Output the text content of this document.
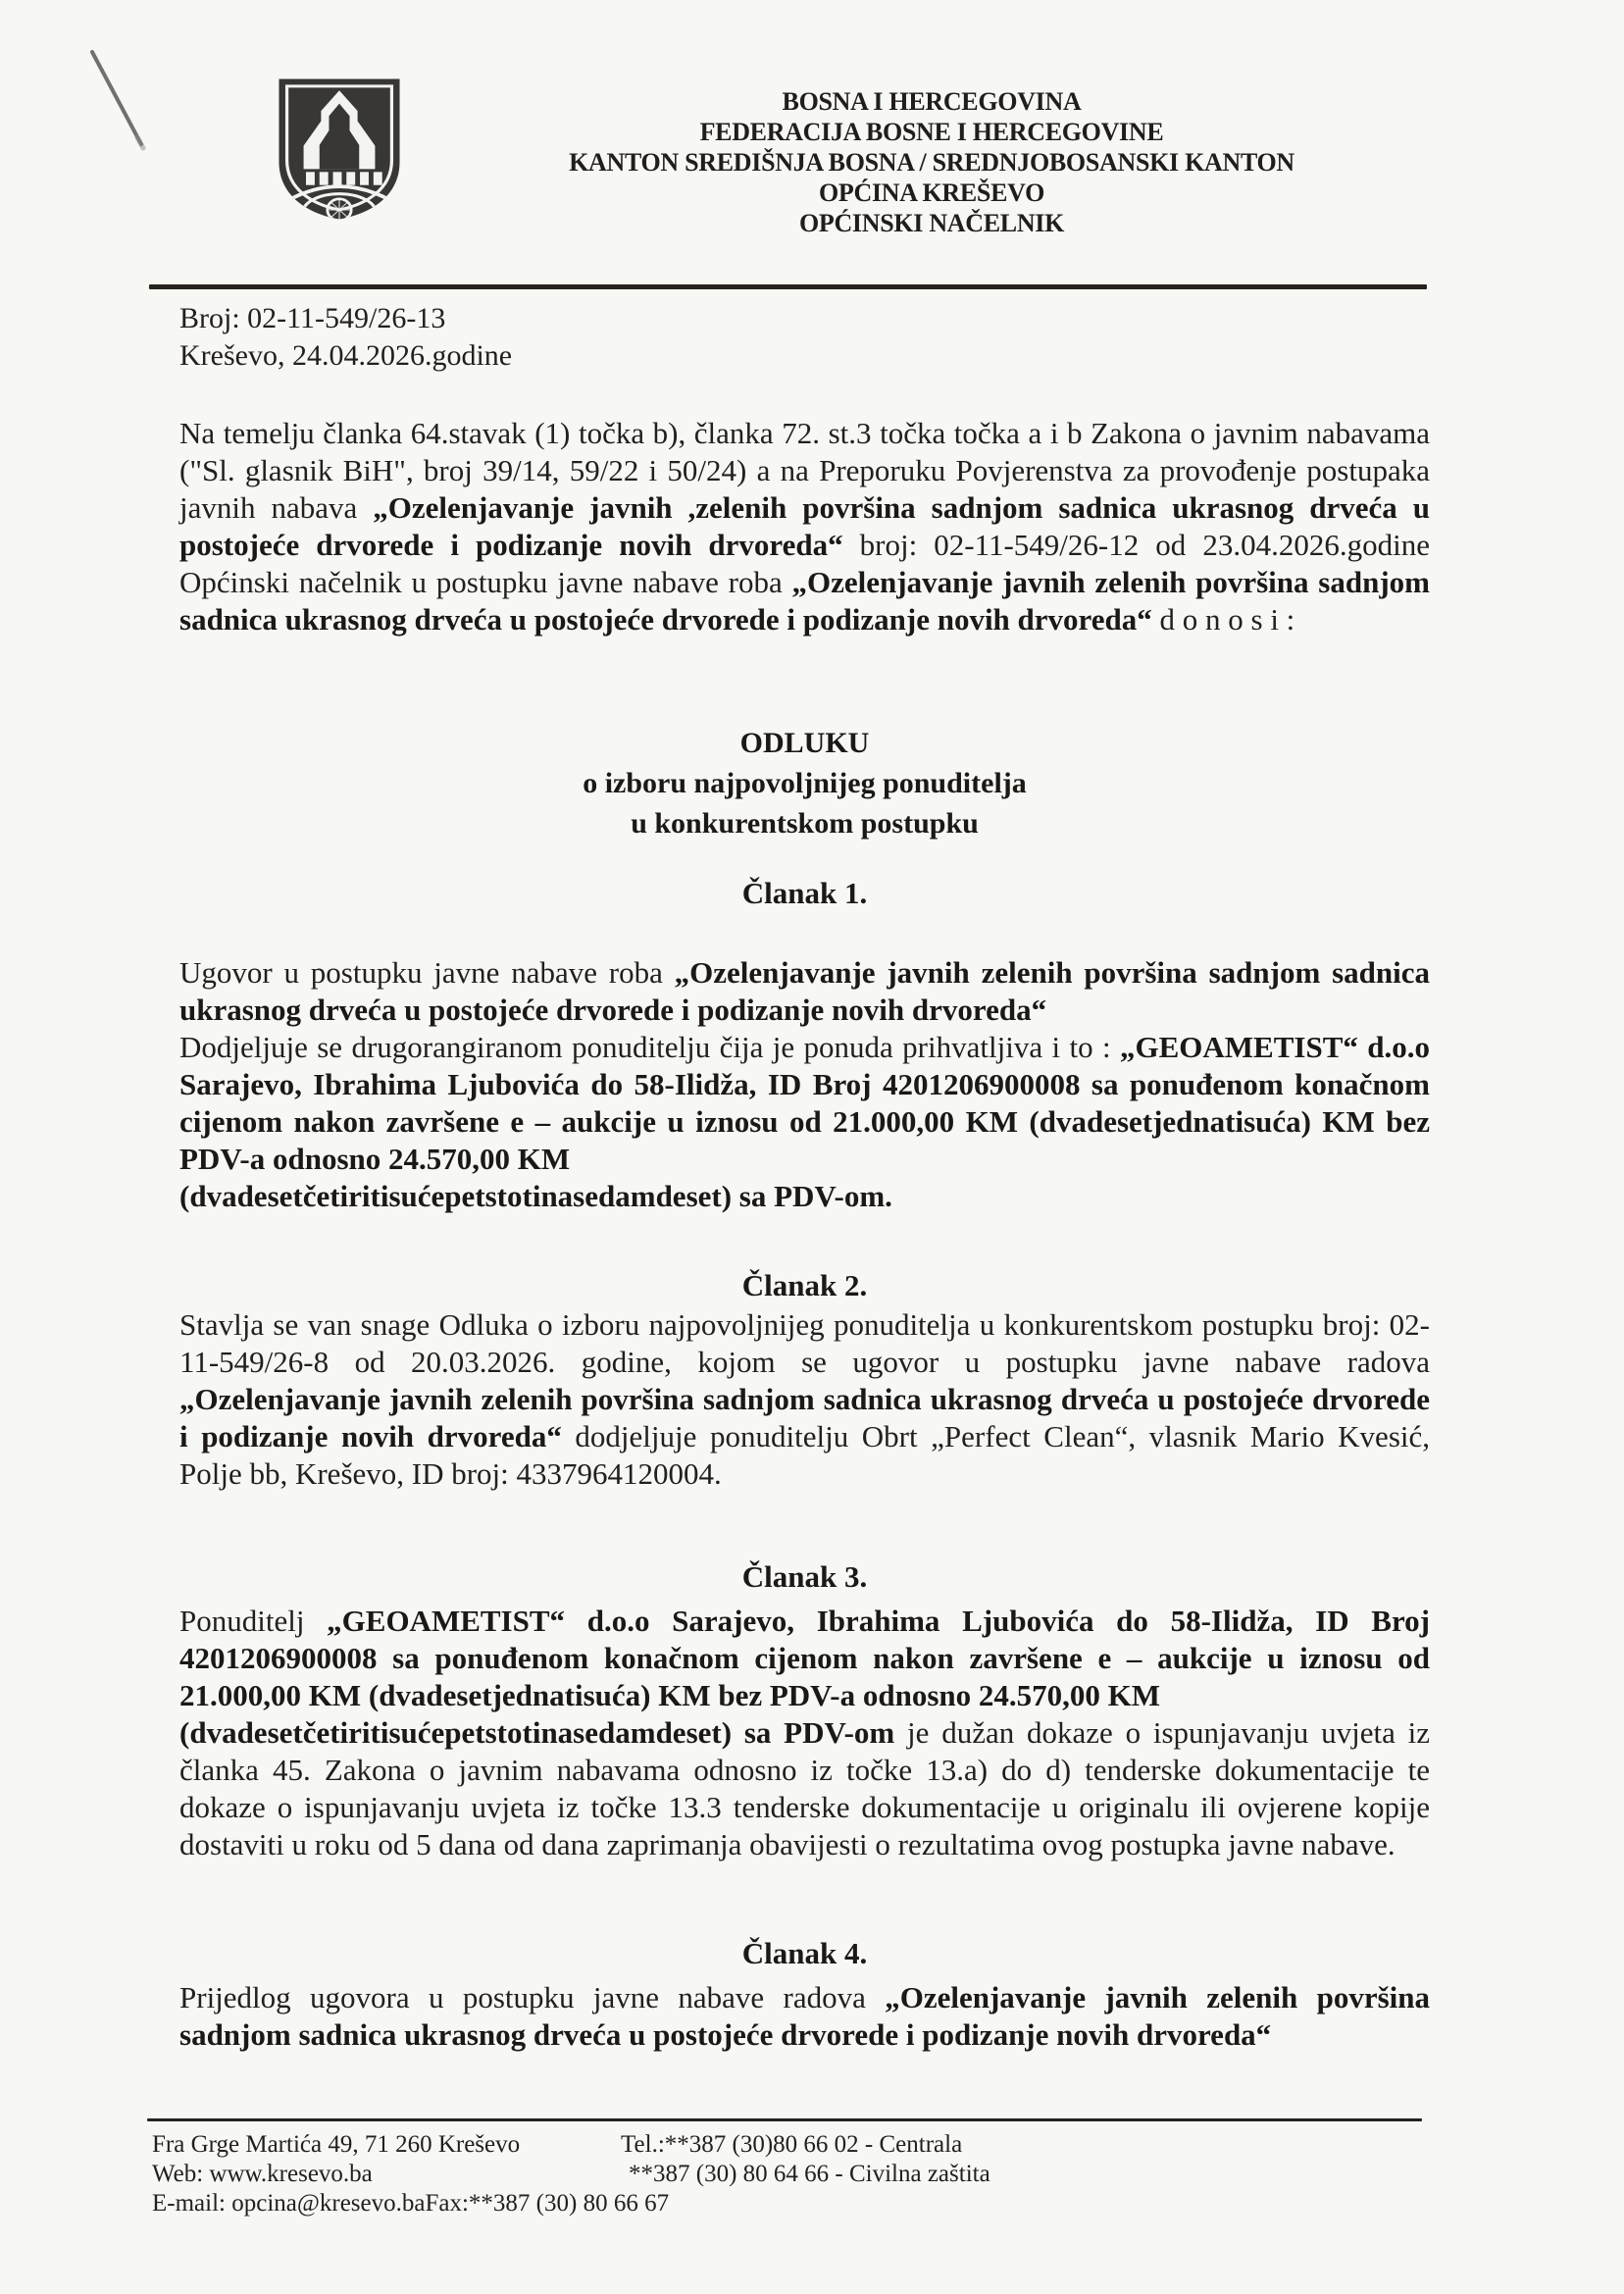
BOSNA I HERCEGOVINA
FEDERACIJA BOSNE I HERCEGOVINE
KANTON SREDIŠNJA BOSNA / SREDNJOBOSANSKI KANTON
OPĆINA KREŠEVO
OPĆINSKI NAČELNIK
Broj: 02-11-549/26-13
Kreševo, 24.04.2026.godine
Na temelju članka 64.stavak (1) točka b), članka 72. st.3 točka točka a i b Zakona o javnim nabavama ("Sl. glasnik BiH", broj 39/14, 59/22 i 50/24) a na Preporuku Povjerenstva za provođenje postupaka javnih nabava „Ozelenjavanje javnih ,zelenih površina sadnjom sadnica ukrasnog drveća u postojeće drvorede i podizanje novih drvoreda“ broj: 02-11-549/26-12 od 23.04.2026.godine Općinski načelnik u postupku javne nabave roba „Ozelenjavanje javnih zelenih površina sadnjom sadnica ukrasnog drveća u postojeće drvorede i podizanje novih drvoreda“ d o n o s i :
ODLUKU
o izboru najpovoljnijeg ponuditelja
u konkurentskom postupku
Članak 1.
Ugovor u postupku javne nabave roba „Ozelenjavanje javnih zelenih površina sadnjom sadnica ukrasnog drveća u postojeće drvorede i podizanje novih drvoreda“
Dodjeljuje se drugorangiranom ponuditelju čija je ponuda prihvatljiva i to : „GEOAMETIST“ d.o.o Sarajevo, Ibrahima Ljubovića do 58-Ilidža, ID Broj 4201206900008 sa ponuđenom konačnom cijenom nakon završene e – aukcije u iznosu od 21.000,00 KM (dvadesetjednatisuća) KM bez PDV-a odnosno 24.570,00 KM
(dvadesetčetiritisućepetstotinasedamdeset) sa PDV-om.
Članak 2.
Stavlja se van snage Odluka o izboru najpovoljnijeg ponuditelja u konkurentskom postupku broj: 02-11-549/26-8 od 20.03.2026. godine, kojom se ugovor u postupku javne nabave radova „Ozelenjavanje javnih zelenih površina sadnjom sadnica ukrasnog drveća u postojeće drvorede i podizanje novih drvoreda“ dodjeljuje ponuditelju Obrt „Perfect Clean“, vlasnik Mario Kvesić, Polje bb, Kreševo, ID broj: 4337964120004.
Članak 3.
Ponuditelj „GEOAMETIST“ d.o.o Sarajevo, Ibrahima Ljubovića do 58-Ilidža, ID Broj 4201206900008 sa ponuđenom konačnom cijenom nakon završene e – aukcije u iznosu od 21.000,00 KM (dvadesetjednatisuća) KM bez PDV-a odnosno 24.570,00 KM
(dvadesetčetiritisućepetstotinasedamdeset) sa PDV-om je dužan dokaze o ispunjavanju uvjeta iz članka 45. Zakona o javnim nabavama odnosno iz točke 13.a) do d) tenderske dokumentacije te dokaze o ispunjavanju uvjeta iz točke 13.3 tenderske dokumentacije u originalu ili ovjerene kopije dostaviti u roku od 5 dana od dana zaprimanja obavijesti o rezultatima ovog postupka javne nabave.
Članak 4.
Prijedlog ugovora u postupku javne nabave radova „Ozelenjavanje javnih zelenih površina sadnjom sadnica ukrasnog drveća u postojeće drvorede i podizanje novih drvoreda“
Fra Grge Martića 49, 71 260 Kreševo
Web: www.kresevo.ba
E-mail: opcina@kresevo.baFax:**387 (30) 80 66 67
Tel.:**387 (30)80 66 02 - Centrala
**387 (30) 80 64 66 - Civilna zaštita
